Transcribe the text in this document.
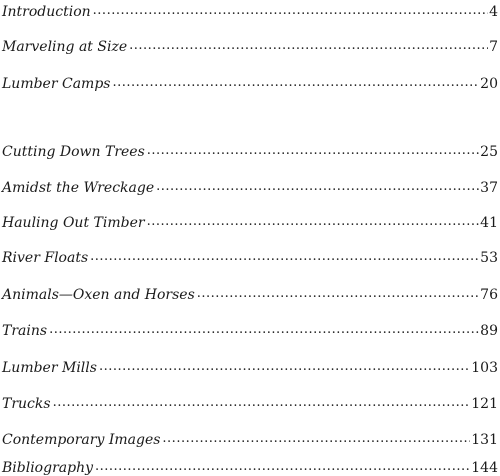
Introduction .....	4
Marveling at Size .....	7
Lumber Camps .....	20
Cutting Down Trees .....	25
Amidst the Wreckage .....	37
Hauling Out Timber .....	41
River Floats .....	53
Animals—Oxen and Horses .....	76
Trains .....	89
Lumber Mills .....	103
Trucks .....	121
Contemporary Images .....	131
Bibliography .....	144
